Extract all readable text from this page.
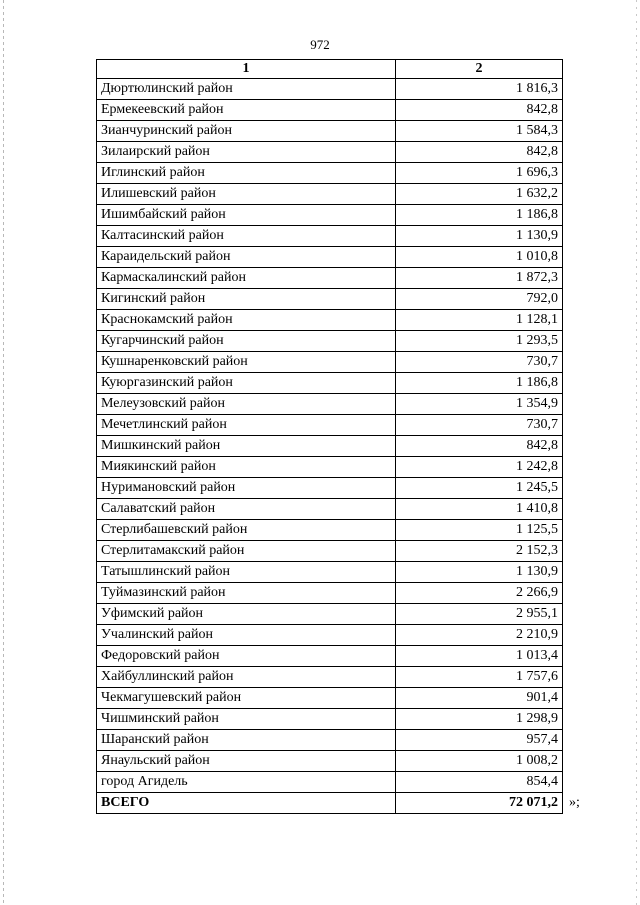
972
1	2
Дюртюлинский район	1 816,3
Ермекеевский район	842,8
Зианчуринский район	1 584,3
Зилаирский район	842,8
Иглинский район	1 696,3
Илишевский район	1 632,2
Ишимбайский район	1 186,8
Калтасинский район	1 130,9
Караидельский район	1 010,8
Кармаскалинский район	1 872,3
Кигинский район	792,0
Краснокамский район	1 128,1
Кугарчинский район	1 293,5
Кушнаренковский район	730,7
Куюргазинский район	1 186,8
Мелеузовский район	1 354,9
Мечетлинский район	730,7
Мишкинский район	842,8
Миякинский район	1 242,8
Нуримановский район	1 245,5
Салаватский район	1 410,8
Стерлибашевский район	1 125,5
Стерлитамакский район	2 152,3
Татышлинский район	1 130,9
Туймазинский район	2 266,9
Уфимский район	2 955,1
Учалинский район	2 210,9
Федоровский район	1 013,4
Хайбуллинский район	1 757,6
Чекмагушевский район	901,4
Чишминский район	1 298,9
Шаранский район	957,4
Янаульский район	1 008,2
город Агидель	854,4
ВСЕГО	72 071,2 »;
